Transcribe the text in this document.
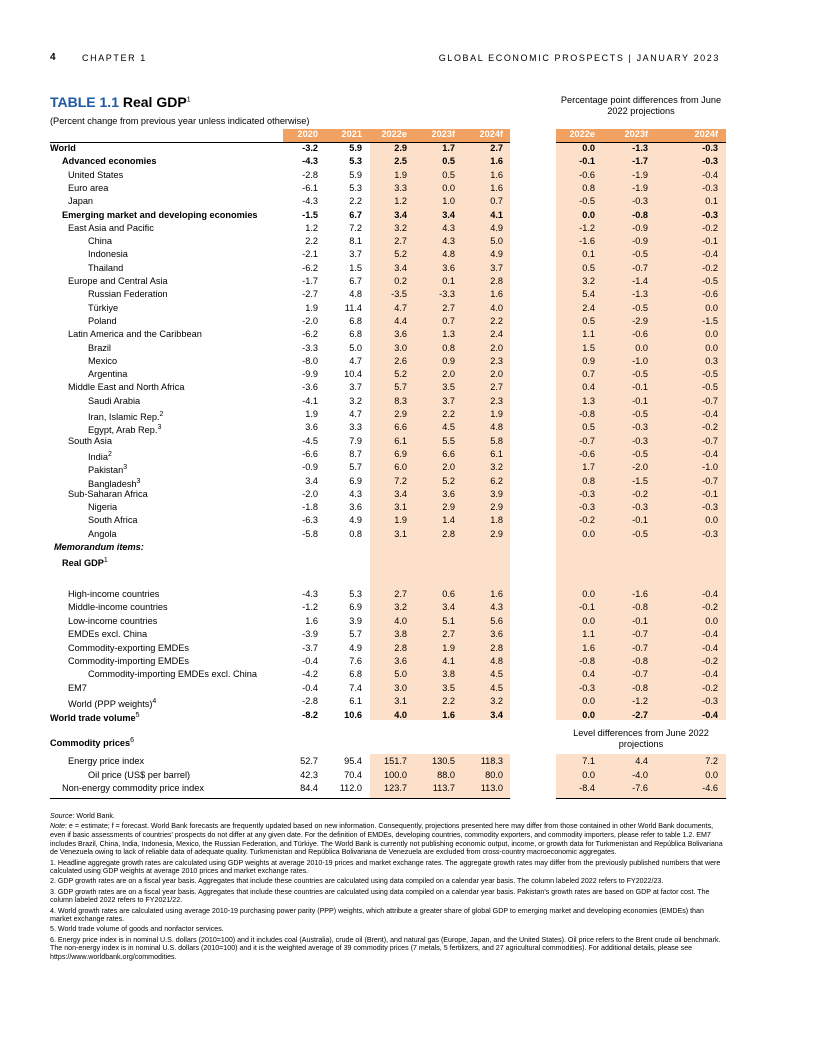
4	CHAPTER 1	GLOBAL ECONOMIC PROSPECTS | JANUARY 2023
TABLE 1.1 Real GDP$^1$
(Percent change from previous year unless indicated otherwise)
Percentage point differences from June 2022 projections
2020	2021	2022e	2023f	2024f	2022e	2023f	2024f
World	-3.2	5.9	2.9	1.7	2.7	0.0	-1.3	-0.3
Advanced economies	-4.3	5.3	2.5	0.5	1.6	-0.1	-1.7	-0.3
United States	-2.8	5.9	1.9	0.5	1.6	-0.6	-1.9	-0.4
Euro area	-6.1	5.3	3.3	0.0	1.6	0.8	-1.9	-0.3
Japan	-4.3	2.2	1.2	1.0	0.7	-0.5	-0.3	0.1
Emerging market and developing economies	-1.5	6.7	3.4	3.4	4.1	0.0	-0.8	-0.3
East Asia and Pacific	1.2	7.2	3.2	4.3	4.9	-1.2	-0.9	-0.2
China	2.2	8.1	2.7	4.3	5.0	-1.6	-0.9	-0.1
Indonesia	-2.1	3.7	5.2	4.8	4.9	0.1	-0.5	-0.4
Thailand	-6.2	1.5	3.4	3.6	3.7	0.5	-0.7	-0.2
Europe and Central Asia	-1.7	6.7	0.2	0.1	2.8	3.2	-1.4	-0.5
Russian Federation	-2.7	4.8	-3.5	-3.3	1.6	5.4	-1.3	-0.6
Türkiye	1.9	11.4	4.7	2.7	4.0	2.4	-0.5	0.0
Poland	-2.0	6.8	4.4	0.7	2.2	0.5	-2.9	-1.5
Latin America and the Caribbean	-6.2	6.8	3.6	1.3	2.4	1.1	-0.6	0.0
Brazil	-3.3	5.0	3.0	0.8	2.0	1.5	0.0	0.0
Mexico	-8.0	4.7	2.6	0.9	2.3	0.9	-1.0	0.3
Argentina	-9.9	10.4	5.2	2.0	2.0	0.7	-0.5	-0.5
Middle East and North Africa	-3.6	3.7	5.7	3.5	2.7	0.4	-0.1	-0.5
Saudi Arabia	-4.1	3.2	8.3	3.7	2.3	1.3	-0.1	-0.7
Iran, Islamic Rep.$^2$	1.9	4.7	2.9	2.2	1.9	-0.8	-0.5	-0.4
Egypt, Arab Rep.$^3$	3.6	3.3	6.6	4.5	4.8	0.5	-0.3	-0.2
South Asia	-4.5	7.9	6.1	5.5	5.8	-0.7	-0.3	-0.7
India$^2$	-6.6	8.7	6.9	6.6	6.1	-0.6	-0.5	-0.4
Pakistan$^3$	-0.9	5.7	6.0	2.0	3.2	1.7	-2.0	-1.0
Bangladesh$^3$	3.4	6.9	7.2	5.2	6.2	0.8	-1.5	-0.7
Sub-Saharan Africa	-2.0	4.3	3.4	3.6	3.9	-0.3	-0.2	-0.1
Nigeria	-1.8	3.6	3.1	2.9	2.9	-0.3	-0.3	-0.3
South Africa	-6.3	4.9	1.9	1.4	1.8	-0.2	-0.1	0.0
Angola	-5.8	0.8	3.1	2.8	2.9	0.0	-0.5	-0.3
Memorandum items:
Real GDP$^1$
High-income countries	-4.3	5.3	2.7	0.6	1.6	0.0	-1.6	-0.4
Middle-income countries	-1.2	6.9	3.2	3.4	4.3	-0.1	-0.8	-0.2
Low-income countries	1.6	3.9	4.0	5.1	5.6	0.0	-0.1	0.0
EMDEs excl. China	-3.9	5.7	3.8	2.7	3.6	1.1	-0.7	-0.4
Commodity-exporting EMDEs	-3.7	4.9	2.8	1.9	2.8	1.6	-0.7	-0.4
Commodity-importing EMDEs	-0.4	7.6	3.6	4.1	4.8	-0.8	-0.8	-0.2
Commodity-importing EMDEs excl. China	-4.2	6.8	5.0	3.8	4.5	0.4	-0.7	-0.4
EM7	-0.4	7.4	3.0	3.5	4.5	-0.3	-0.8	-0.2
World (PPP weights)$^4$	-2.8	6.1	3.1	2.2	3.2	0.0	-1.2	-0.3
World trade volume$^5$	-8.2	10.6	4.0	1.6	3.4	0.0	-2.7	-0.4
Commodity prices$^6$
Energy price index	52.7	95.4	151.7	130.5	118.3	7.1	4.4	7.2
Oil price (US$ per barrel)	42.3	70.4	100.0	88.0	80.0	0.0	-4.0	0.0
Non-energy commodity price index	84.4	112.0	123.7	113.7	113.0	-8.4	-7.6	-4.6
Level differences from June 2022 projections

Source: World Bank.

Note: e = estimate; f = forecast. World Bank forecasts are frequently updated based on new information. Consequently, projections presented here may differ from those contained in other World Bank documents, even if basic assessments of countries' prospects do not differ at any given date. For the definition of EMDEs, developing countries, commodity exporters, and commodity importers, please refer to table 1.2. EM7 includes Brazil, China, India, Indonesia, Mexico, the Russian Federation, and Türkiye. The World Bank is currently not publishing economic output, income, or growth data for Turkmenistan and República Bolivariana de Venezuela owing to lack of reliable data of adequate quality. Turkmenistan and República Bolivariana de Venezuela are excluded from cross-country macroeconomic aggregates.

1. Headline aggregate growth rates are calculated using GDP weights at average 2010-19 prices and market exchange rates. The aggregate growth rates may differ from the previously published numbers that were calculated using GDP weights at average 2010 prices and market exchange rates.

2. GDP growth rates are on a fiscal year basis. Aggregates that include these countries are calculated using data compiled on a calendar year basis. The column labeled 2022 refers to FY2022/23.

3. GDP growth rates are on a fiscal year basis. Aggregates that include these countries are calculated using data compiled on a calendar year basis. Pakistan's growth rates are based on GDP at factor cost. The column labeled 2022 refers to FY2021/22.

4. World growth rates are calculated using average 2010-19 purchasing power parity (PPP) weights, which attribute a greater share of global GDP to emerging market and developing economies (EMDEs) than market exchange rates.

5. World trade volume of goods and nonfactor services.

6. Energy price index is in nominal U.S. dollars (2010=100) and it includes coal (Australia), crude oil (Brent), and natural gas (Europe, Japan, and the United States). Oil price refers to the Brent crude oil benchmark. The non-energy index is in nominal U.S. dollars (2010=100) and it is the weighted average of 39 commodity prices (7 metals, 5 fertilizers, and 27 agricultural commodities). For additional details, please see https://www.worldbank.org/commodities.
